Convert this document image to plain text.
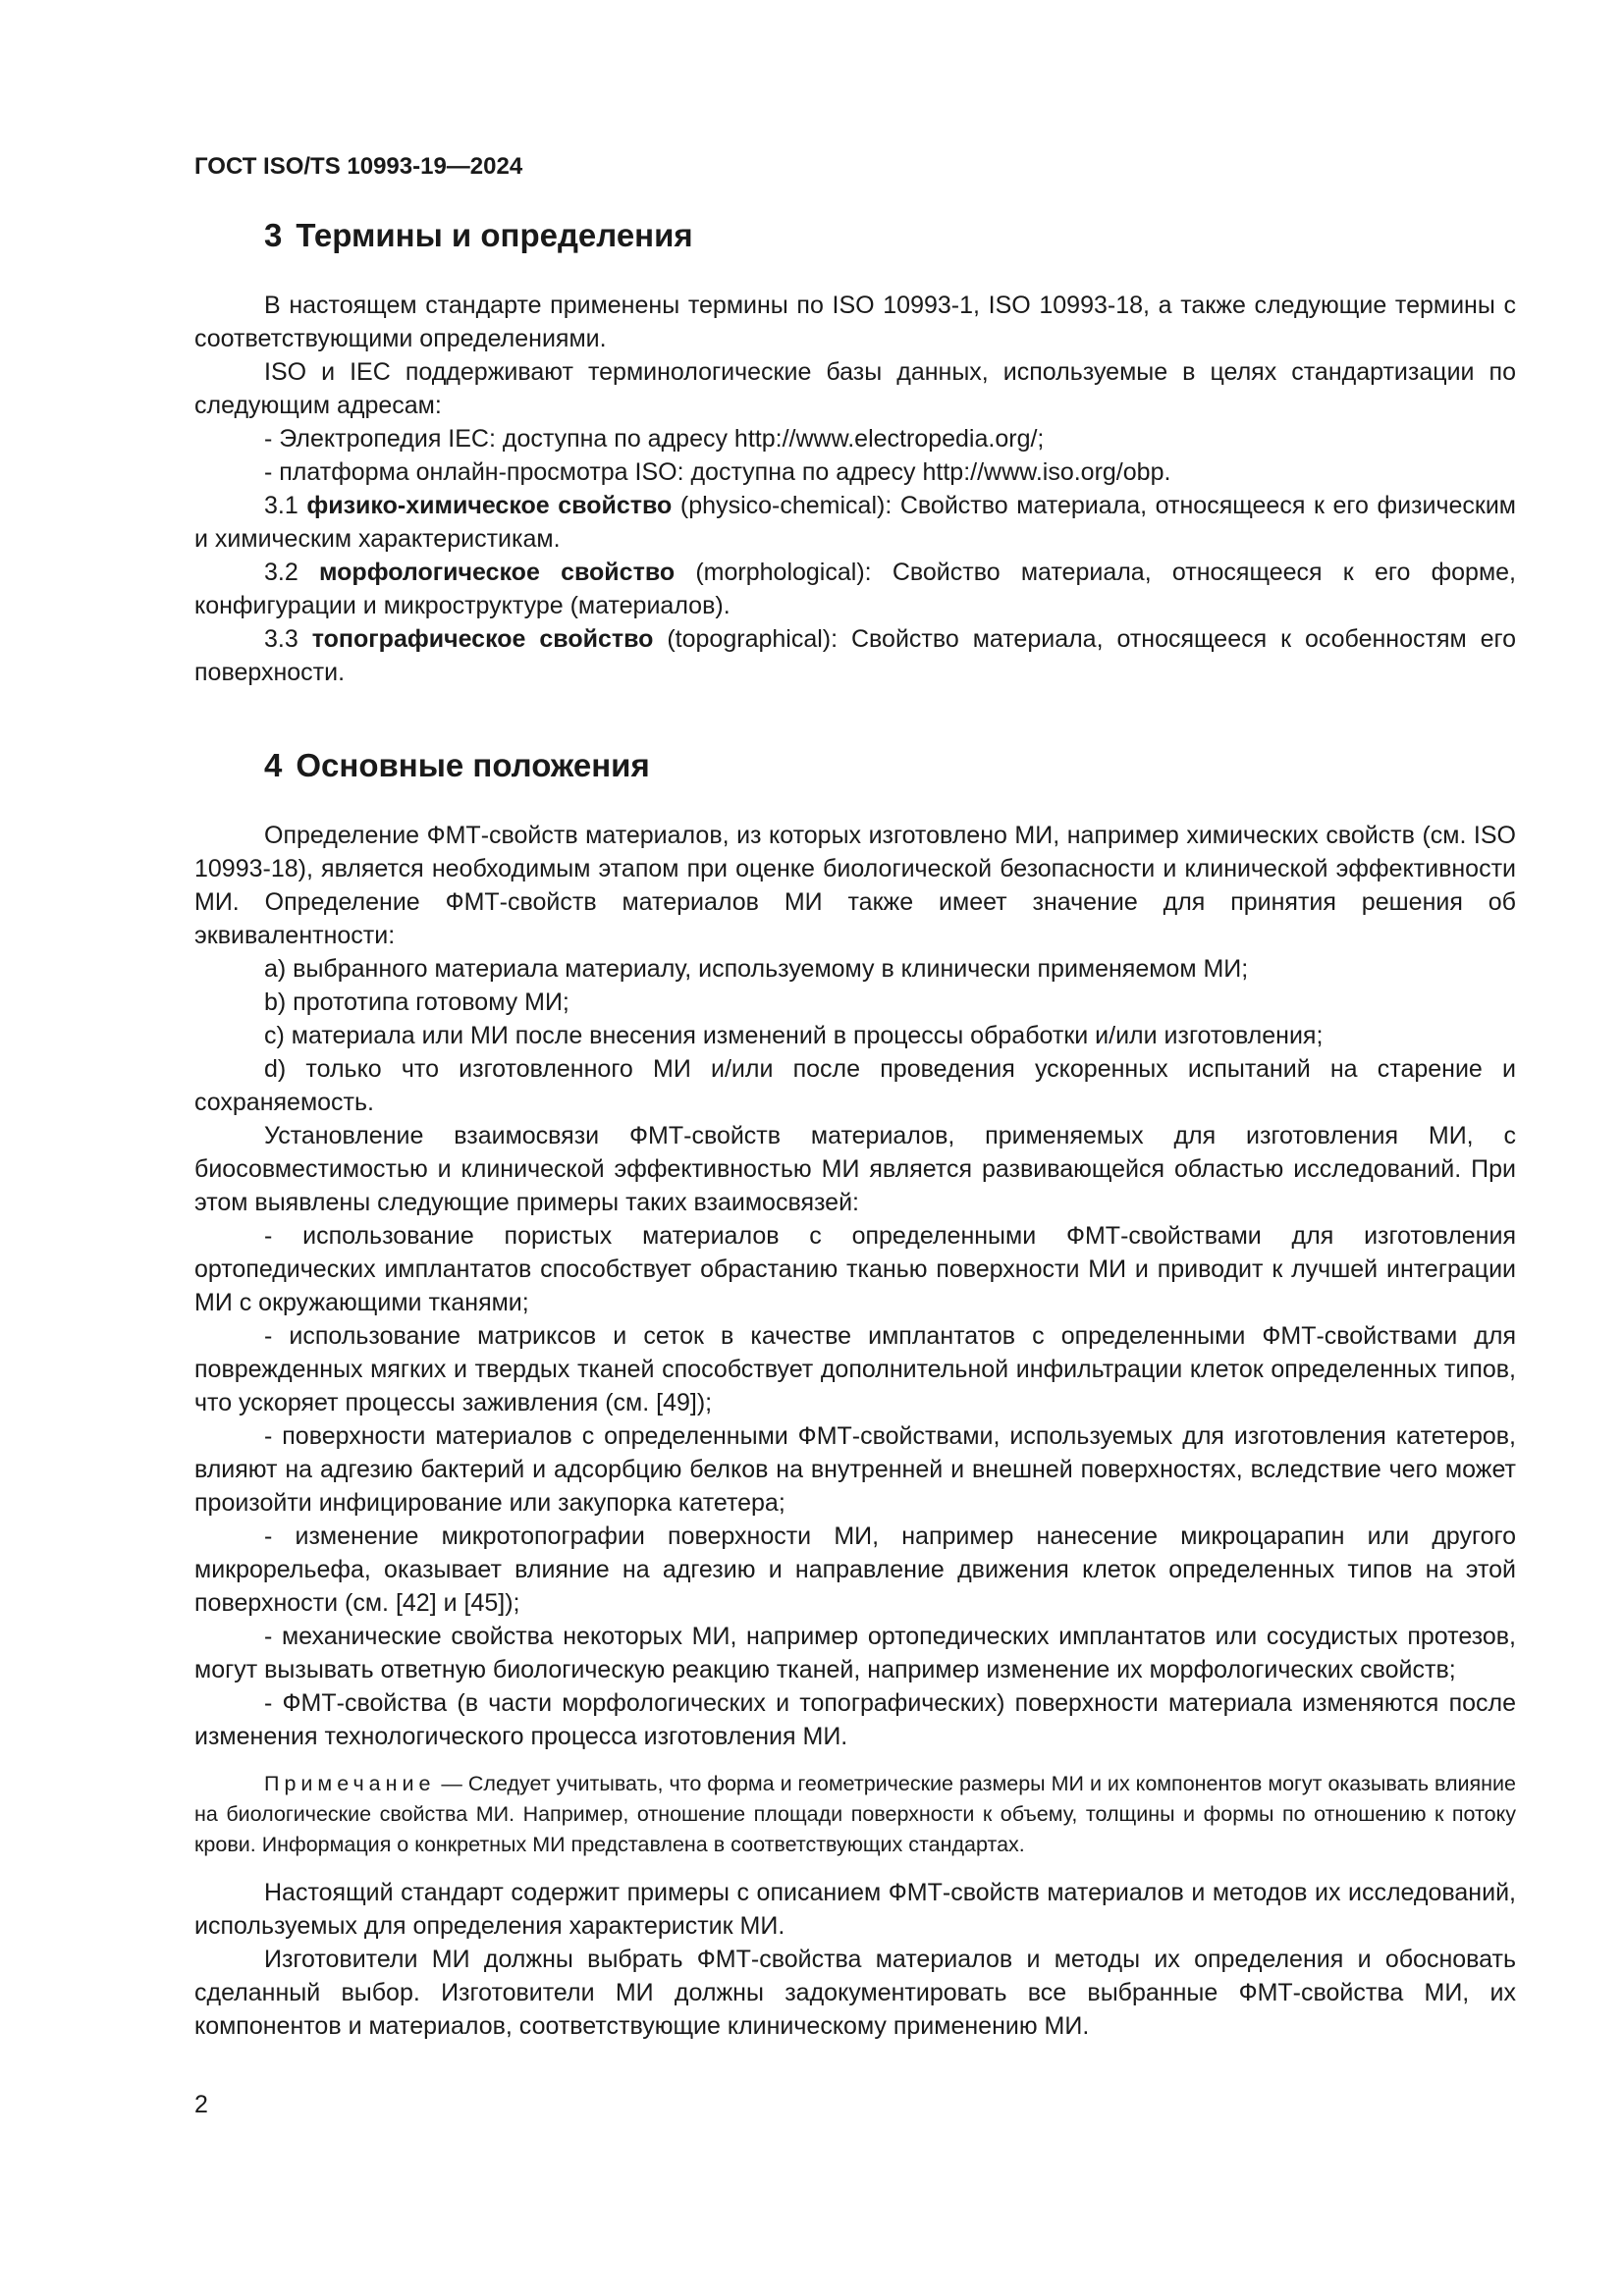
ГОСТ ISO/TS 10993-19—2024
3 Термины и определения

В настоящем стандарте применены термины по ISO 10993-1, ISO 10993-18, а также следующие термины с соответствующими определениями.

ISO и IEC поддерживают терминологические базы данных, используемые в целях стандартизации по следующим адресам:

- Электропедия IEC: доступна по адресу http://www.electropedia.org/;

- платформа онлайн-просмотра ISO: доступна по адресу http://www.iso.org/obp.

3.1 физико-химическое свойство (physico-chemical): Свойство материала, относящееся к его физическим и химическим характеристикам.

3.2 морфологическое свойство (morphological): Свойство материала, относящееся к его форме, конфигурации и микроструктуре (материалов).

3.3 топографическое свойство (topographical): Свойство материала, относящееся к особенностям его поверхности.

4 Основные положения

Определение ФМТ-свойств материалов, из которых изготовлено МИ, например химических свойств (см. ISO 10993-18), является необходимым этапом при оценке биологической безопасности и клинической эффективности МИ. Определение ФМТ-свойств материалов МИ также имеет значение для принятия решения об эквивалентности:

a) выбранного материала материалу, используемому в клинически применяемом МИ;

b) прототипа готовому МИ;

c) материала или МИ после внесения изменений в процессы обработки и/или изготовления;

d) только что изготовленного МИ и/или после проведения ускоренных испытаний на старение и сохраняемость.

Установление взаимосвязи ФМТ-свойств материалов, применяемых для изготовления МИ, с биосовместимостью и клинической эффективностью МИ является развивающейся областью исследований. При этом выявлены следующие примеры таких взаимосвязей:

- использование пористых материалов с определенными ФМТ-свойствами для изготовления ортопедических имплантатов способствует обрастанию тканью поверхности МИ и приводит к лучшей интеграции МИ с окружающими тканями;

- использование матриксов и сеток в качестве имплантатов с определенными ФМТ-свойствами для поврежденных мягких и твердых тканей способствует дополнительной инфильтрации клеток определенных типов, что ускоряет процессы заживления (см. [49]);

- поверхности материалов с определенными ФМТ-свойствами, используемых для изготовления катетеров, влияют на адгезию бактерий и адсорбцию белков на внутренней и внешней поверхностях, вследствие чего может произойти инфицирование или закупорка катетера;

- изменение микротопографии поверхности МИ, например нанесение микроцарапин или другого микрорельефа, оказывает влияние на адгезию и направление движения клеток определенных типов на этой поверхности (см. [42] и [45]);

- механические свойства некоторых МИ, например ортопедических имплантатов или сосудистых протезов, могут вызывать ответную биологическую реакцию тканей, например изменение их морфологических свойств;

- ФМТ-свойства (в части морфологических и топографических) поверхности материала изменяются после изменения технологического процесса изготовления МИ.

Примечание — Следует учитывать, что форма и геометрические размеры МИ и их компонентов могут оказывать влияние на биологические свойства МИ. Например, отношение площади поверхности к объему, толщины и формы по отношению к потоку крови. Информация о конкретных МИ представлена в соответствующих стандартах.

Настоящий стандарт содержит примеры с описанием ФМТ-свойств материалов и методов их исследований, используемых для определения характеристик МИ.

Изготовители МИ должны выбрать ФМТ-свойства материалов и методы их определения и обосновать сделанный выбор. Изготовители МИ должны задокументировать все выбранные ФМТ-свойства МИ, их компонентов и материалов, соответствующие клиническому применению МИ.

2
